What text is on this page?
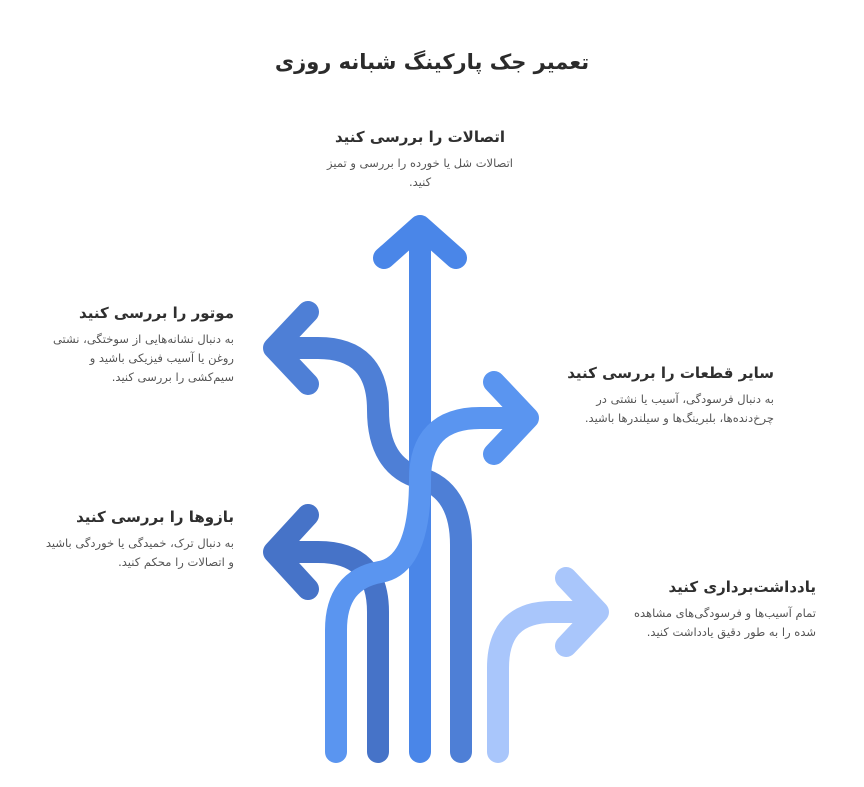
تعمیر جک پارکینگ شبانه روزی
اتصالات را بررسی کنید

اتصالات شل یا خورده را بررسی و تمیز کنید.

موتور را بررسی کنید

به دنبال نشانه‌هایی از سوختگی، نشتی روغن یا آسیب فیزیکی باشید و سیم‌کشی را بررسی کنید.

بازوها را بررسی کنید

به دنبال ترک، خمیدگی یا خوردگی باشید و اتصالات را محکم کنید.

سایر قطعات را بررسی کنید

به دنبال فرسودگی، آسیب یا نشتی در چرخ‌دنده‌ها، بلبرینگ‌ها و سیلندرها باشید.

یادداشت‌برداری کنید

تمام آسیب‌ها و فرسودگی‌های مشاهده شده را به طور دقیق یادداشت کنید.
